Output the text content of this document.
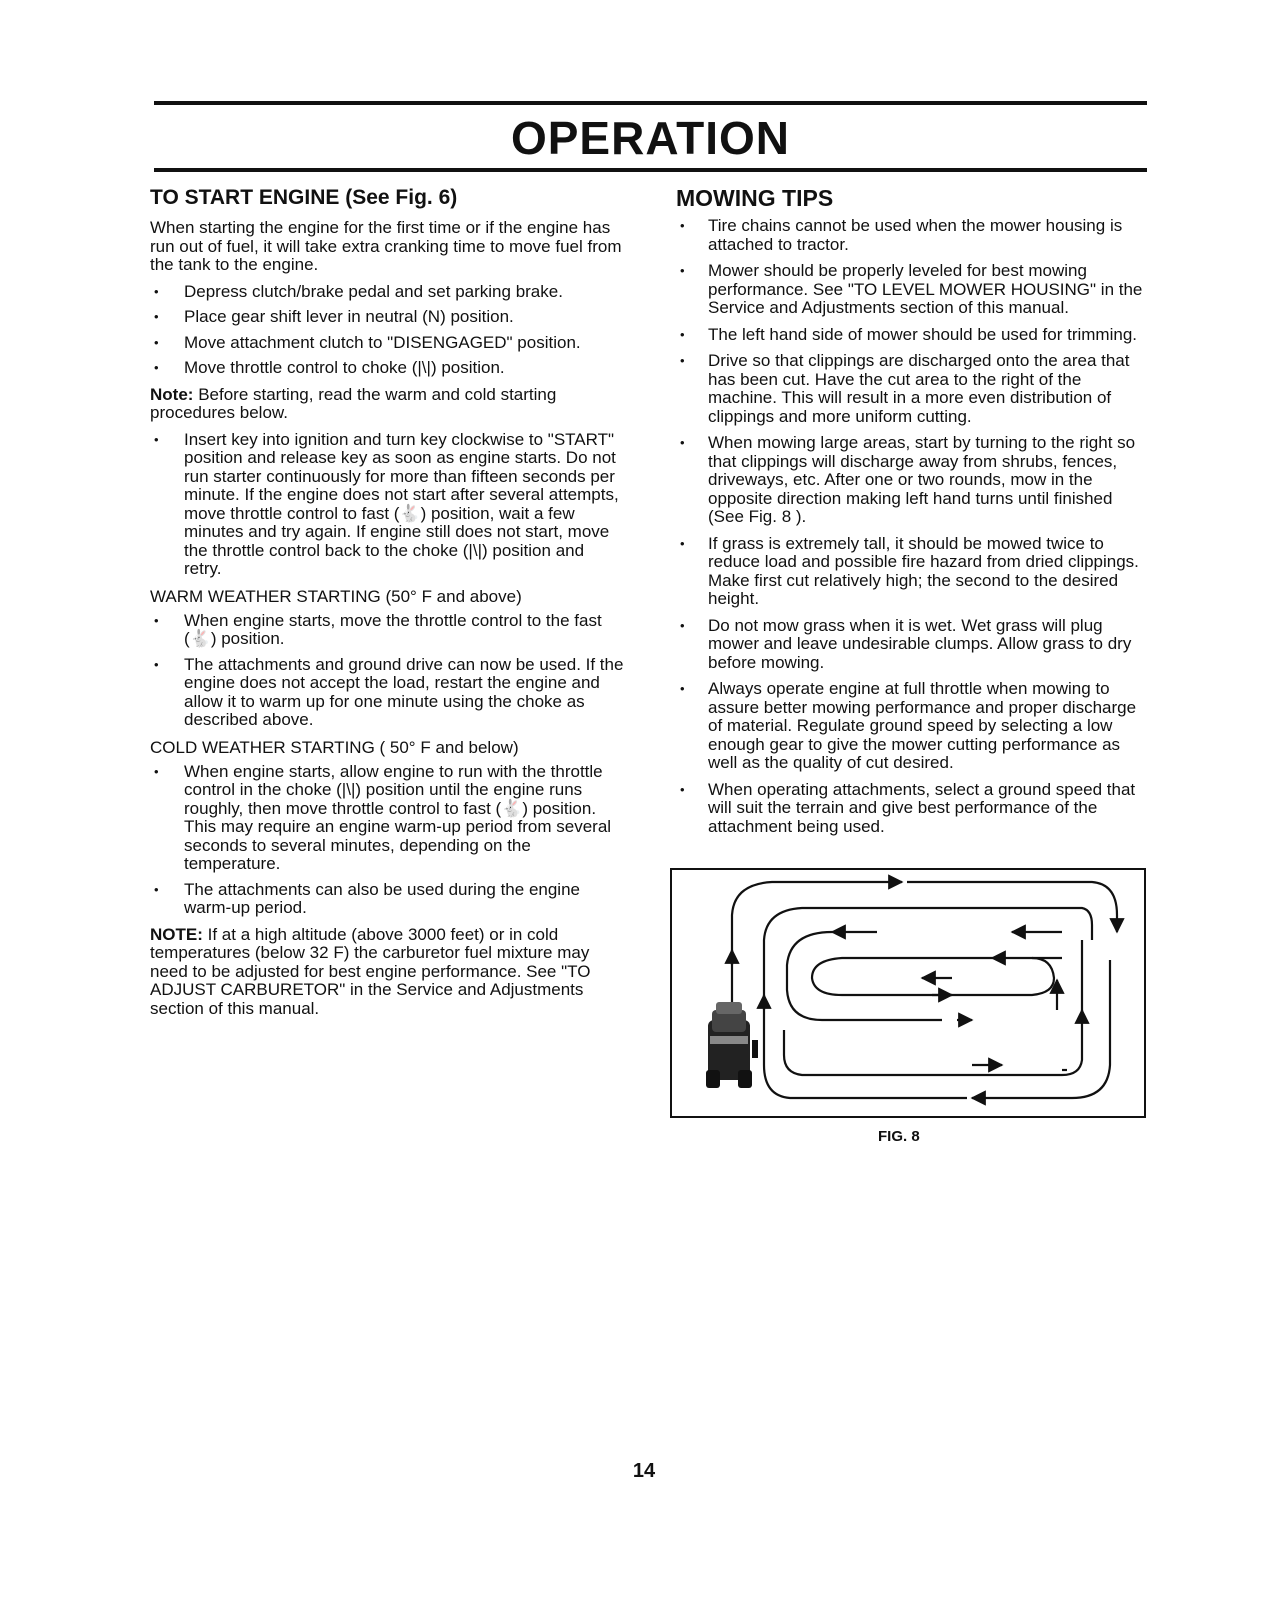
OPERATION
TO START ENGINE (See Fig. 6)

When starting the engine for the first time or if the engine has run out of fuel, it will take extra cranking time to move fuel from the tank to the engine.

• Depress clutch/brake pedal and set parking brake.
• Place gear shift lever in neutral (N) position.
• Move attachment clutch to "DISENGAGED" position.
• Move throttle control to choke (|\|) position.

Note: Before starting, read the warm and cold starting procedures below.

• Insert key into ignition and turn key clockwise to "START" position and release key as soon as engine starts. Do not run starter continuously for more than fifteen seconds per minute. If the engine does not start after several attempts, move throttle control to fast (🐇) position, wait a few minutes and try again. If engine still does not start, move the throttle control back to the choke (|\|) position and retry.
WARM WEATHER STARTING (50° F and above)
• When engine starts, move the throttle control to the fast (🐇) position.
• The attachments and ground drive can now be used. If the engine does not accept the load, restart the engine and allow it to warm up for one minute using the choke as described above.
COLD WEATHER STARTING ( 50° F and below)
• When engine starts, allow engine to run with the throttle control in the choke (|\|) position until the engine runs roughly, then move throttle control to fast (🐇) position. This may require an engine warm-up period from several seconds to several minutes, depending on the temperature.
• The attachments can also be used during the engine warm-up period.

NOTE: If at a high altitude (above 3000 feet) or in cold temperatures (below 32 F) the carburetor fuel mixture may need to be adjusted for best engine performance. See "TO ADJUST CARBURETOR" in the Service and Adjustments section of this manual.

MOWING TIPS
• Tire chains cannot be used when the mower housing is attached to tractor.
• Mower should be properly leveled for best mowing performance. See "TO LEVEL MOWER HOUSING" in the Service and Adjustments section of this manual.
• The left hand side of mower should be used for trimming.
• Drive so that clippings are discharged onto the area that has been cut. Have the cut area to the right of the machine. This will result in a more even distribution of clippings and more uniform cutting.
• When mowing large areas, start by turning to the right so that clippings will discharge away from shrubs, fences, driveways, etc. After one or two rounds, mow in the opposite direction making left hand turns until finished (See Fig. 8 ).
• If grass is extremely tall, it should be mowed twice to reduce load and possible fire hazard from dried clippings. Make first cut relatively high; the second to the desired height.
• Do not mow grass when it is wet. Wet grass will plug mower and leave undesirable clumps. Allow grass to dry before mowing.
• Always operate engine at full throttle when mowing to assure better mowing performance and proper discharge of material. Regulate ground speed by selecting a low enough gear to give the mower cutting performance as well as the quality of cut desired.
• When operating attachments, select a ground speed that will suit the terrain and give best performance of the attachment being used.
FIG. 8
14
